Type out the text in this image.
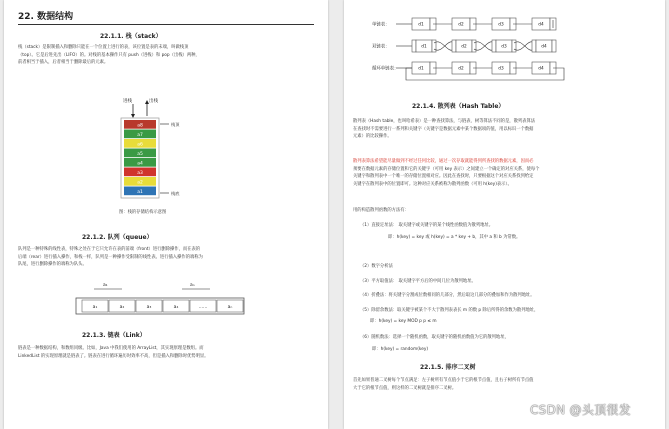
22. 数据结构
22.1.1. 栈（stack）
栈（stack）是限制插入和删除只能在一个位置上进行的表，该位置是表的末端，叫做栈顶
（top）。它是后进先出（LIFO）的。对栈的基本操作只有 push（进栈）和 pop（出栈）两种，
前者相当于插入，后者相当于删除最后的元素。
进栈	出栈
a8
a7
a6
a5
a4
a3
a2
a1
栈顶
栈底
图：栈的存储结构示意图
22.1.2. 队列（queue）
队列是一种特殊的线性表，特殊之处在于它只允许在表的前端（front）进行删除操作，而在表的
后端（rear）进行插入操作，和栈一样，队列是一种操作受限制的线性表。进行插入操作的端称为
队尾，进行删除操作的端称为队头。
a₁	aₙ
a₁	a₂	a₃	a₄	......	aₙ
22.1.3. 链表（Link）
链表是一种数据结构，和数组同级。比如，Java 中我们使用的 ArrayList，其实现原理是数组。而
LinkedList 的实现原理就是链表了。链表在进行循环遍历时效率不高，但是插入和删除时优势明显。
单链表：	d1	d2	d3	d4
双链表：	d1	d2	d3	d4
循环单链表：	d1	d2	d3	d4
22.1.4. 散列表（Hash Table）
散列表（Hash table，也叫哈希表）是一种查找算法，与链表、树等算法不同的是，散列表算法
在查找时不需要进行一系列和关键字（关键字是数据元素中某个数据项的值，用以标识一个数据
元素）的比较操作。
散列表算法希望能尽量做到不经过任何比较，通过一次存取就能得到所查找的数据元素，因而必
须要在数据元素的存储位置和它的关键字（可用 key 表示）之间建立一个确定的对应关系，使每个
关键字和散列表中一个唯一的存储位置相对应。因此在查找时，只要根据这个对应关系找到给定
关键字在散列表中的位置即可。这种对应关系被称为散列函数（可用 h(key)表示）。
用的构造散列函数的方法有：
（1）直接定址法： 取关键字或关键字的某个线性函数值为散列地址。
即：h(key) = key 或 h(key) = a * key + b，其中 a 和 b 为常数。
（2）数字分析法
（3）平方取值法： 取关键字平方后的中间几位为散列地址。
（4）折叠法：将关键字分割成位数相同的几部分，然后取这几部分的叠加和作为散列地址。
（5）除留余数法：取关键字被某个不大于散列表表长 m 的数 p 除后所得的余数为散列地址，
即：h(key) = key MOD p p ≤ m
（6）随机数法：选择一个随机函数，取关键字的随机函数值为它的散列地址，
即：h(key) = random(key)
22.1.5. 排序二叉树
首先如果普通二叉树每个节点满足：左子树所有节点值小于它的根节点值，且右子树所有节点值
大于它的根节点值，则这样的二叉树就是排序二叉树。
CSDN @头顶很发
